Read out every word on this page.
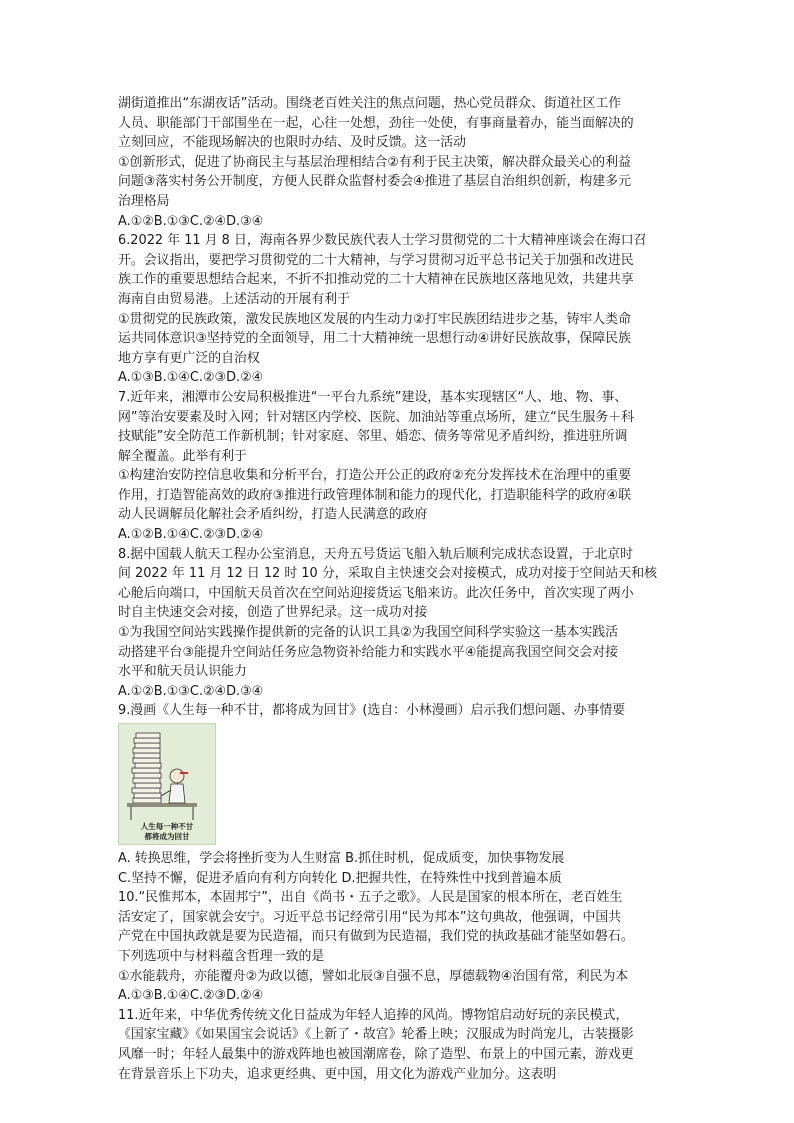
湖街道推出“东湖夜话”活动。围绕老百姓关注的焦点问题，热心党员群众、街道社区工作
人员、职能部门干部围坐在一起，心往一处想，劲往一处使，有事商量着办，能当面解决的
立刻回应，不能现场解决的也限时办结、及时反馈。这一活动
①创新形式，促进了协商民主与基层治理相结合②有利于民主决策，解决群众最关心的利益
问题③落实村务公开制度，方便人民群众监督村委会④推进了基层自治组织创新，构建多元
治理格局
A.①②B.①③C.②④D.③④
6.2022 年 11 月 8 日，海南各界少数民族代表人士学习贯彻党的二十大精神座谈会在海口召
开。会议指出，要把学习贯彻党的二十大精神，与学习贯彻习近平总书记关于加强和改进民
族工作的重要思想结合起来，不折不扣推动党的二十大精神在民族地区落地见效，共建共享
海南自由贸易港。上述活动的开展有利于
①贯彻党的民族政策，激发民族地区发展的内生动力②打牢民族团结进步之基，铸牢人类命
运共同体意识③坚持党的全面领导，用二十大精神统一思想行动④讲好民族故事，保障民族
地方享有更广泛的自治权
A.①③B.①④C.②③D.②④
7.近年来，湘潭市公安局积极推进“一平台九系统”建设，基本实现辖区“人、地、物、事、
网”等治安要素及时入网；针对辖区内学校、医院、加油站等重点场所，建立“民生服务＋科
技赋能”安全防范工作新机制；针对家庭、邻里、婚恋、债务等常见矛盾纠纷，推进驻所调
解全覆盖。此举有利于
①构建治安防控信息收集和分析平台，打造公开公正的政府②充分发挥技术在治理中的重要
作用，打造智能高效的政府③推进行政管理体制和能力的现代化，打造职能科学的政府④联
动人民调解员化解社会矛盾纠纷，打造人民满意的政府
A.①②B.①④C.②③D.②④
8.据中国载人航天工程办公室消息，天舟五号货运飞船入轨后顺利完成状态设置，于北京时
间 2022 年 11 月 12 日 12 时 10 分，采取自主快速交会对接模式，成功对接于空间站天和核
心舱后向端口，中国航天员首次在空间站迎接货运飞船来访。此次任务中，首次实现了两小
时自主快速交会对接，创造了世界纪录。这一成功对接
①为我国空间站实践操作提供新的完备的认识工具②为我国空间科学实验这一基本实践活
动搭建平台③能提升空间站任务应急物资补给能力和实践水平④能提高我国空间交会对接
水平和航天员认识能力
A.①②B.①③C.②④D.③④
9.漫画《人生每一种不甘，都将成为回甘》(选自：小林漫画）启示我们想问题、办事情要
人生每一种不甘
都将成为回甘
A. 转换思维，学会将挫折变为人生财富 B.抓住时机，促成质变，加快事物发展
C.坚持不懈，促进矛盾向有利方向转化 D.把握共性，在特殊性中找到普遍本质
10.“民惟邦本，本固邦宁”，出自《尚书・五子之歌》。人民是国家的根本所在，老百姓生
活安定了，国家就会安宁。习近平总书记经常引用“民为邦本”这句典故，他强调，中国共
产党在中国执政就是要为民造福，而只有做到为民造福，我们党的执政基础才能坚如磐石。
下列选项中与材料蕴含哲理一致的是
①水能载舟，亦能覆舟②为政以德，譬如北辰③自强不息，厚德载物④治国有常，利民为本
A.①③B.①④C.②③D.②④
11.近年来，中华优秀传统文化日益成为年轻人追捧的风尚。博物馆启动好玩的亲民模式，
《国家宝藏》《如果国宝会说话》《上新了・故宫》轮番上映；汉服成为时尚宠儿，古装摄影
风靡一时；年轻人最集中的游戏阵地也被国潮席卷，除了造型、布景上的中国元素，游戏更
在背景音乐上下功夫，追求更经典、更中国，用文化为游戏产业加分。这表明
